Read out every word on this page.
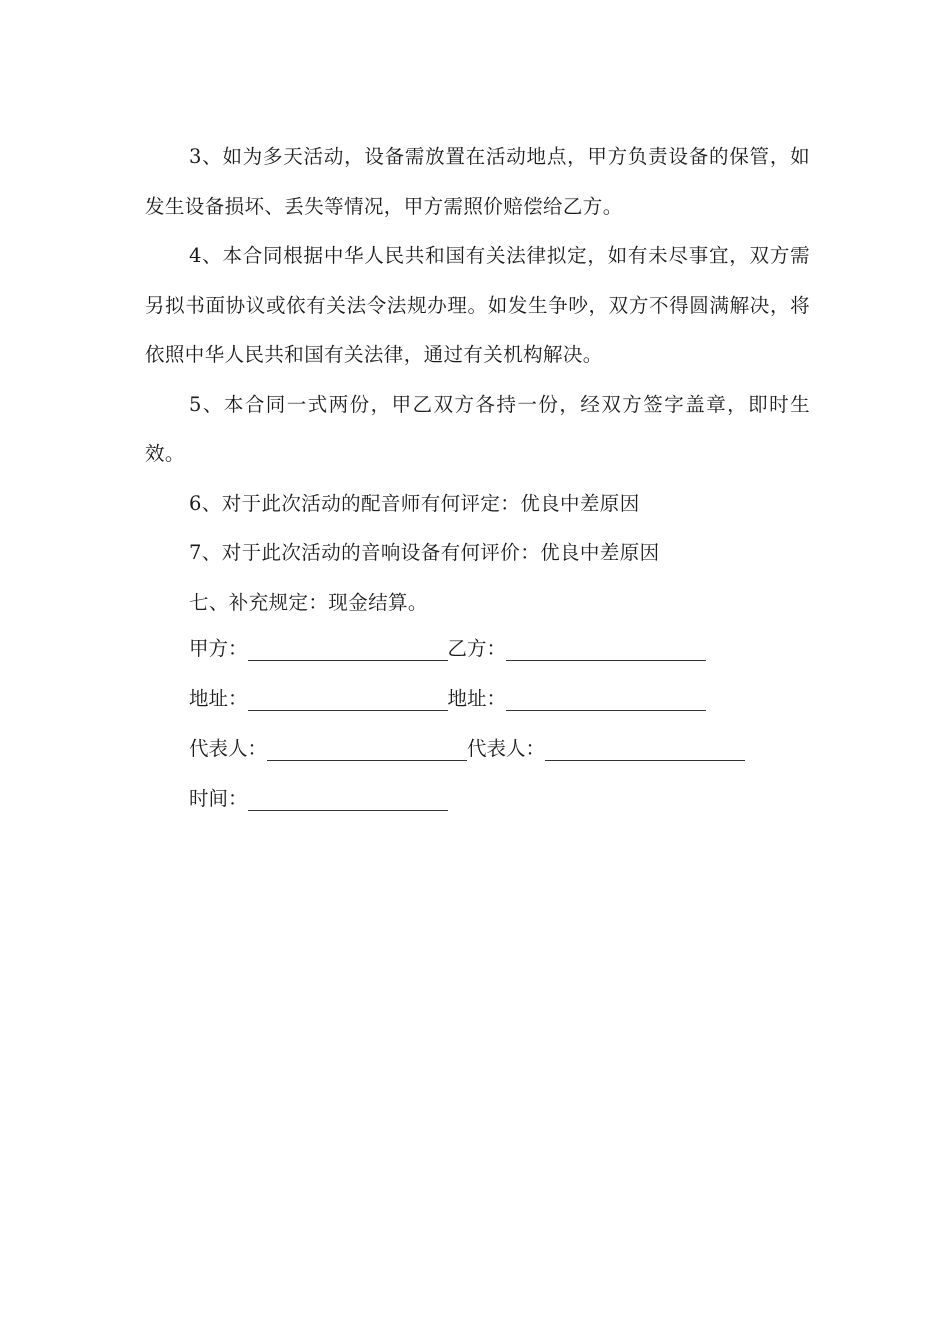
3、如为多天活动，设备需放置在活动地点，甲方负责设备的保管，如发生设备损坏、丢失等情况，甲方需照价赔偿给乙方。

4、本合同根据中华人民共和国有关法律拟定，如有未尽事宜，双方需另拟书面协议或依有关法令法规办理。如发生争吵，双方不得圆满解决，将依照中华人民共和国有关法律，通过有关机构解决。

5、本合同一式两份，甲乙双方各持一份，经双方签字盖章，即时生效。

6、对于此次活动的配音师有何评定：优良中差原因

7、对于此次活动的音响设备有何评价：优良中差原因

七、补充规定：现金结算。

甲方：	乙方：
地址：	地址：
代表人：	代表人：
时间：
